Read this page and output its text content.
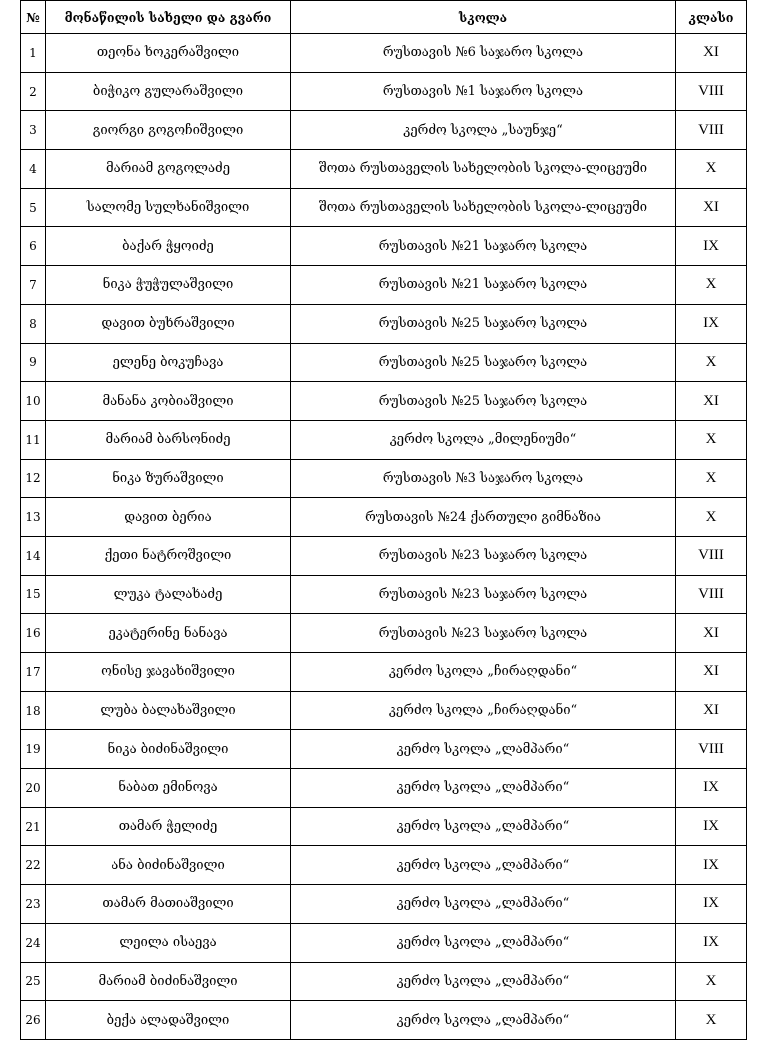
№	მონაწილის სახელი და გვარი	სკოლა	კლასი
1	თეონა ხოკერაშვილი	რუსთავის №6 საჯარო სკოლა	XI
2	ბიჭიკო გულარაშვილი	რუსთავის №1 საჯარო სკოლა	VIII
3	გიორგი გოგოჩიშვილი	კერძო სკოლა „საუნჯე“	VIII
4	მარიამ გოგოლაძე	შოთა რუსთაველის სახელობის სკოლა-ლიცეუმი	X
5	სალომე სულხანიშვილი	შოთა რუსთაველის სახელობის სკოლა-ლიცეუმი	XI
6	ბაქარ ჭყოიძე	რუსთავის №21 საჯარო სკოლა	IX
7	ნიკა ჭუჭულაშვილი	რუსთავის №21 საჯარო სკოლა	X
8	დავით ბუხრაშვილი	რუსთავის №25 საჯარო სკოლა	IX
9	ელენე ბოკუჩავა	რუსთავის №25 საჯარო სკოლა	X
10	მანანა კობიაშვილი	რუსთავის №25 საჯარო სკოლა	XI
11	მარიამ ბარსონიძე	კერძო სკოლა „მილენიუმი“	X
12	ნიკა ზურაშვილი	რუსთავის №3 საჯარო სკოლა	X
13	დავით ბერია	რუსთავის №24 ქართული გიმნაზია	X
14	ქეთი ნატროშვილი	რუსთავის №23 საჯარო სკოლა	VIII
15	ლუკა ტალახაძე	რუსთავის №23 საჯარო სკოლა	VIII
16	ეკატერინე ნანავა	რუსთავის №23 საჯარო სკოლა	XI
17	ონისე ჯავახიშვილი	კერძო სკოლა „ჩირაღდანი“	XI
18	ლუბა ბალახაშვილი	კერძო სკოლა „ჩირაღდანი“	XI
19	ნიკა ბიძინაშვილი	კერძო სკოლა „ლამპარი“	VIII
20	ნაბათ ემინოვა	კერძო სკოლა „ლამპარი“	IX
21	თამარ ჭელიძე	კერძო სკოლა „ლამპარი“	IX
22	ანა ბიძინაშვილი	კერძო სკოლა „ლამპარი“	IX
23	თამარ მათიაშვილი	კერძო სკოლა „ლამპარი“	IX
24	ლეილა ისაევა	კერძო სკოლა „ლამპარი“	IX
25	მარიამ ბიძინაშვილი	კერძო სკოლა „ლამპარი“	X
26	ბექა ალადაშვილი	კერძო სკოლა „ლამპარი“	X
